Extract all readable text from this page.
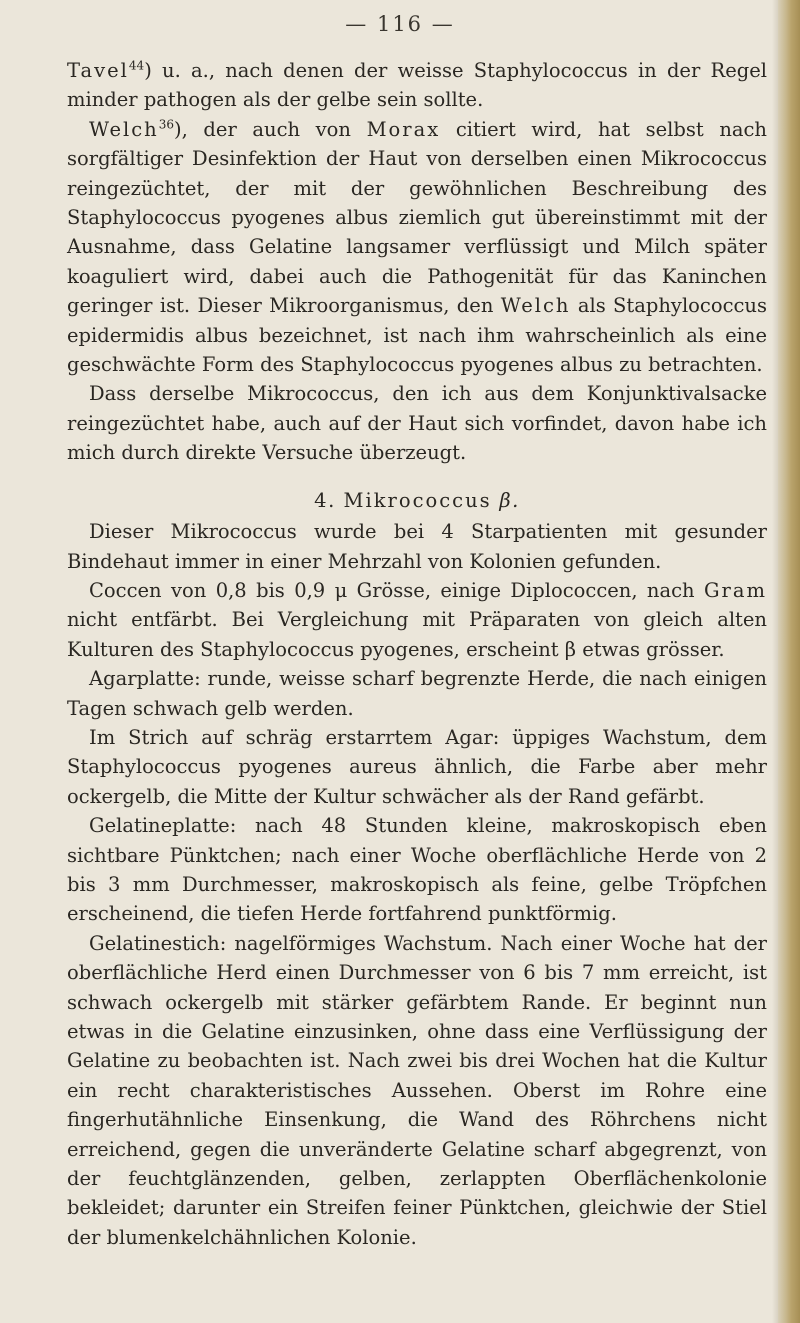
— 116 —

Tavel$^{44}$) u. a., nach denen der weisse Staphylococcus in der Regel minder pathogen als der gelbe sein sollte.

Welch$^{36}$), der auch von Morax citiert wird, hat selbst nach sorgfältiger Desinfektion der Haut von derselben einen Mikrococcus reingezüchtet, der mit der gewöhnlichen Beschreibung des Staphylococcus pyogenes albus ziemlich gut übereinstimmt mit der Ausnahme, dass Gelatine langsamer verflüssigt und Milch später koaguliert wird, dabei auch die Pathogenität für das Kaninchen geringer ist. Dieser Mikroorganismus, den Welch als Staphylococcus epidermidis albus bezeichnet, ist nach ihm wahrscheinlich als eine geschwächte Form des Staphylococcus pyogenes albus zu betrachten.

Dass derselbe Mikrococcus, den ich aus dem Konjunktivalsacke reingezüchtet habe, auch auf der Haut sich vorfindet, davon habe ich mich durch direkte Versuche überzeugt.

4. Mikrococcus β.

Dieser Mikrococcus wurde bei 4 Starpatienten mit gesunder Bindehaut immer in einer Mehrzahl von Kolonien gefunden.

Coccen von 0,8 bis 0,9 μ Grösse, einige Diplococcen, nach Gram nicht entfärbt. Bei Vergleichung mit Präparaten von gleich alten Kulturen des Staphylococcus pyogenes, erscheint β etwas grösser.

Agarplatte: runde, weisse scharf begrenzte Herde, die nach einigen Tagen schwach gelb werden.

Im Strich auf schräg erstarrtem Agar: üppiges Wachstum, dem Staphylococcus pyogenes aureus ähnlich, die Farbe aber mehr ockergelb, die Mitte der Kultur schwächer als der Rand gefärbt.

Gelatineplatte: nach 48 Stunden kleine, makroskopisch eben sichtbare Pünktchen; nach einer Woche oberflächliche Herde von 2 bis 3 mm Durchmesser, makroskopisch als feine, gelbe Tröpfchen erscheinend, die tiefen Herde fortfahrend punktförmig.

Gelatinestich: nagelförmiges Wachstum. Nach einer Woche hat der oberflächliche Herd einen Durchmesser von 6 bis 7 mm erreicht, ist schwach ockergelb mit stärker gefärbtem Rande. Er beginnt nun etwas in die Gelatine einzusinken, ohne dass eine Verflüssigung der Gelatine zu beobachten ist. Nach zwei bis drei Wochen hat die Kultur ein recht charakteristisches Aussehen. Oberst im Rohre eine fingerhutähnliche Einsenkung, die Wand des Röhrchens nicht erreichend, gegen die unveränderte Gelatine scharf abgegrenzt, von der feuchtglänzenden, gelben, zerlappten Oberflächenkolonie bekleidet; darunter ein Streifen feiner Pünktchen, gleichwie der Stiel der blumenkelchähnlichen Kolonie.
